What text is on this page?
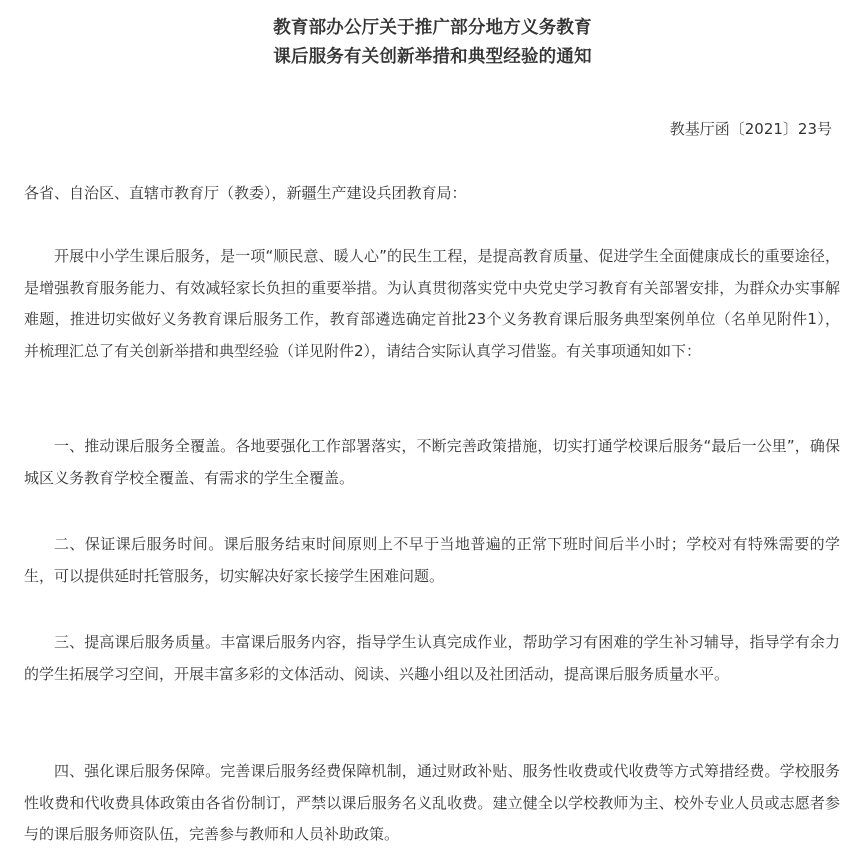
教育部办公厅关于推广部分地方义务教育
课后服务有关创新举措和典型经验的通知
教基厅函〔2021〕23号
各省、自治区、直辖市教育厅（教委），新疆生产建设兵团教育局：

开展中小学生课后服务，是一项“顺民意、暖人心”的民生工程，是提高教育质量、促进学生全面健康成长的重要途径，是增强教育服务能力、有效减轻家长负担的重要举措。为认真贯彻落实党中央党史学习教育有关部署安排，为群众办实事解难题，推进切实做好义务教育课后服务工作，教育部遴选确定首批23个义务教育课后服务典型案例单位（名单见附件1），并梳理汇总了有关创新举措和典型经验（详见附件2），请结合实际认真学习借鉴。有关事项通知如下：

一、推动课后服务全覆盖。各地要强化工作部署落实，不断完善政策措施，切实打通学校课后服务“最后一公里”，确保城区义务教育学校全覆盖、有需求的学生全覆盖。

二、保证课后服务时间。课后服务结束时间原则上不早于当地普遍的正常下班时间后半小时；学校对有特殊需要的学生，可以提供延时托管服务，切实解决好家长接学生困难问题。

三、提高课后服务质量。丰富课后服务内容，指导学生认真完成作业，帮助学习有困难的学生补习辅导，指导学有余力的学生拓展学习空间，开展丰富多彩的文体活动、阅读、兴趣小组以及社团活动，提高课后服务质量水平。

四、强化课后服务保障。完善课后服务经费保障机制，通过财政补贴、服务性收费或代收费等方式筹措经费。学校服务性收费和代收费具体政策由各省份制订，严禁以课后服务名义乱收费。建立健全以学校教师为主、校外专业人员或志愿者参与的课后服务师资队伍，完善参与教师和人员补助政策。
